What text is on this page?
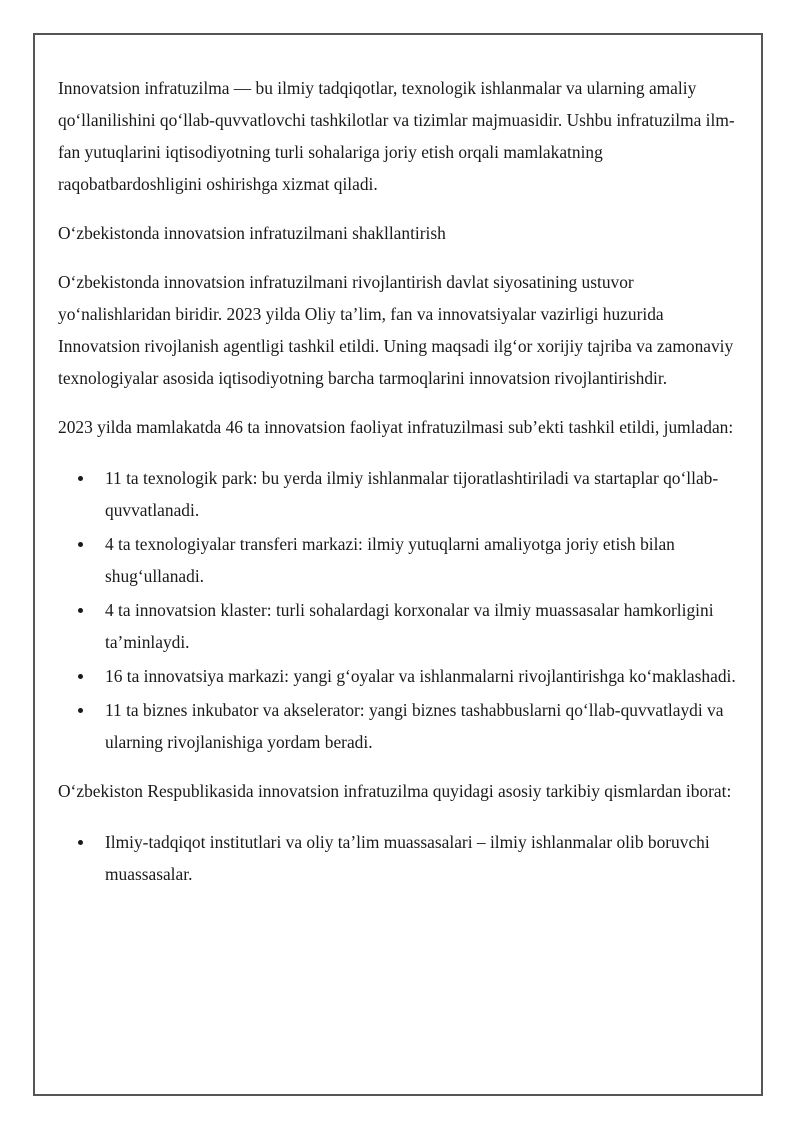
Innovatsion infratuzilma — bu ilmiy tadqiqotlar, texnologik ishlanmalar va ularning amaliy qo‘llanilishini qo‘llab-quvvatlovchi tashkilotlar va tizimlar majmuasidir. Ushbu infratuzilma ilm-fan yutuqlarini iqtisodiyotning turli sohalariga joriy etish orqali mamlakatning raqobatbardoshligini oshirishga xizmat qiladi.

O‘zbekistonda innovatsion infratuzilmani shakllantirish

O‘zbekistonda innovatsion infratuzilmani rivojlantirish davlat siyosatining ustuvor yo‘nalishlaridan biridir. 2023 yilda Oliy ta’lim, fan va innovatsiyalar vazirligi huzurida Innovatsion rivojlanish agentligi tashkil etildi. Uning maqsadi ilg‘or xorijiy tajriba va zamonaviy texnologiyalar asosida iqtisodiyotning barcha tarmoqlarini innovatsion rivojlantirishdir.

2023 yilda mamlakatda 46 ta innovatsion faoliyat infratuzilmasi sub’ekti tashkil etildi, jumladan:

11 ta texnologik park: bu yerda ilmiy ishlanmalar tijoratlashtiriladi va startaplar qo‘llab-quvvatlanadi.
4 ta texnologiyalar transferi markazi: ilmiy yutuqlarni amaliyotga joriy etish bilan shug‘ullanadi.
4 ta innovatsion klaster: turli sohalardagi korxonalar va ilmiy muassasalar hamkorligini ta’minlaydi.
16 ta innovatsiya markazi: yangi g‘oyalar va ishlanmalarni rivojlantirishga ko‘maklashadi.
11 ta biznes inkubator va akselerator: yangi biznes tashabbuslarni qo‘llab-quvvatlaydi va ularning rivojlanishiga yordam beradi.

O‘zbekiston Respublikasida innovatsion infratuzilma quyidagi asosiy tarkibiy qismlardan iborat:

Ilmiy-tadqiqot institutlari va oliy ta’lim muassasalari – ilmiy ishlanmalar olib boruvchi muassasalar.
